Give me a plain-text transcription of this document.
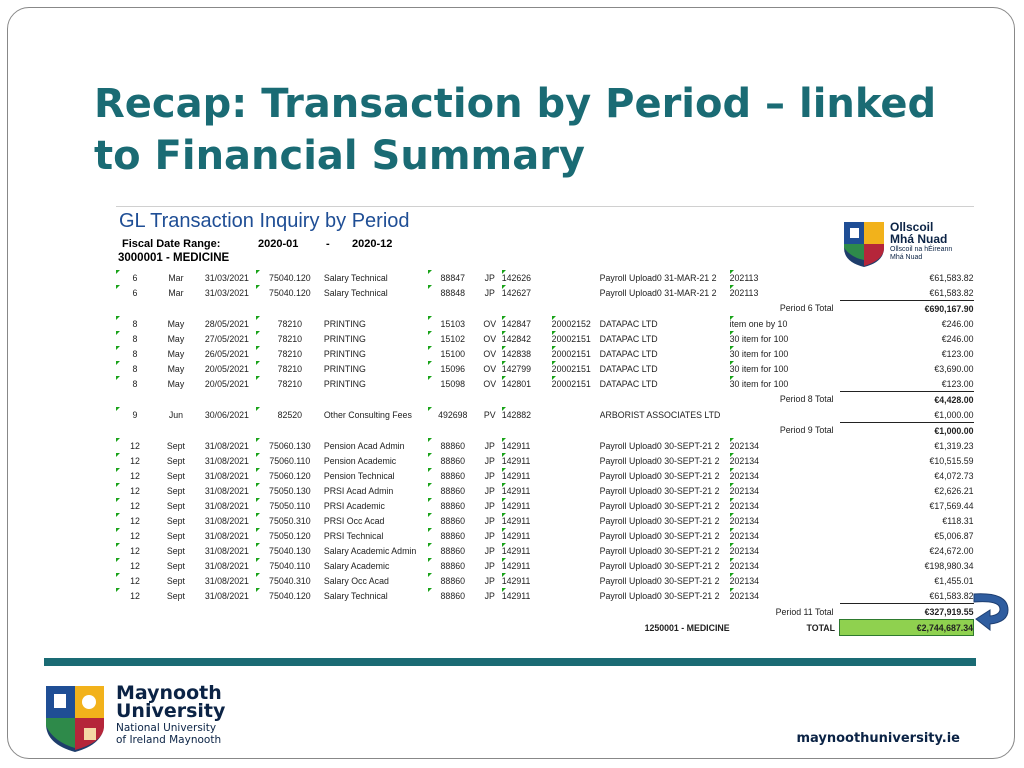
Recap: Transaction by Period – linked to Financial Summary
GL Transaction Inquiry by Period
Fiscal Date Range:	2020-01	- 2020-12
3000001 - MEDICINE
Ollscoil
Mhá Nuad
Ollscoil na hÉireann
Mhá Nuad
6	Mar	31/03/2021	75040.120	Salary Technical	88847	JP	142626		Payroll Upload0 31-MAR-21 2	202113	€61,583.82
6	Mar	31/03/2021	75040.120	Salary Technical	88848	JP	142627		Payroll Upload0 31-MAR-21 2	202113	€61,583.82
									Period 6 Total		€690,167.90
8	May	28/05/2021	78210	PRINTING	15103	OV	142847	20002152	DATAPAC LTD	item one by 10	€246.00
8	May	27/05/2021	78210	PRINTING	15102	OV	142842	20002151	DATAPAC LTD	30 item for 100	€246.00
8	May	26/05/2021	78210	PRINTING	15100	OV	142838	20002151	DATAPAC LTD	30 item for 100	€123.00
8	May	20/05/2021	78210	PRINTING	15096	OV	142799	20002151	DATAPAC LTD	30 item for 100	€3,690.00
8	May	20/05/2021	78210	PRINTING	15098	OV	142801	20002151	DATAPAC LTD	30 item for 100	€123.00
									Period 8 Total		€4,428.00
9	Jun	30/06/2021	82520	Other Consulting Fees	492698	PV	142882		ARBORIST ASSOCIATES LTD		€1,000.00
									Period 9 Total		€1,000.00
12	Sept	31/08/2021	75060.130	Pension Acad Admin	88860	JP	142911		Payroll Upload0 30-SEPT-21 2	202134	€1,319.23
12	Sept	31/08/2021	75060.110	Pension Academic	88860	JP	142911		Payroll Upload0 30-SEPT-21 2	202134	€10,515.59
12	Sept	31/08/2021	75060.120	Pension Technical	88860	JP	142911		Payroll Upload0 30-SEPT-21 2	202134	€4,072.73
12	Sept	31/08/2021	75050.130	PRSI Acad Admin	88860	JP	142911		Payroll Upload0 30-SEPT-21 2	202134	€2,626.21
12	Sept	31/08/2021	75050.110	PRSI Academic	88860	JP	142911		Payroll Upload0 30-SEPT-21 2	202134	€17,569.44
12	Sept	31/08/2021	75050.310	PRSI Occ Acad	88860	JP	142911		Payroll Upload0 30-SEPT-21 2	202134	€118.31
12	Sept	31/08/2021	75050.120	PRSI Technical	88860	JP	142911		Payroll Upload0 30-SEPT-21 2	202134	€5,006.87
12	Sept	31/08/2021	75040.130	Salary Academic Admin	88860	JP	142911		Payroll Upload0 30-SEPT-21 2	202134	€24,672.00
12	Sept	31/08/2021	75040.110	Salary Academic	88860	JP	142911		Payroll Upload0 30-SEPT-21 2	202134	€198,980.34
12	Sept	31/08/2021	75040.310	Salary Occ Acad	88860	JP	142911		Payroll Upload0 30-SEPT-21 2	202134	€1,455.01
12	Sept	31/08/2021	75040.120	Salary Technical	88860	JP	142911		Payroll Upload0 30-SEPT-21 2	202134	€61,583.82
									Period 11 Total		€327,919.55
									1250001 - MEDICINE	TOTAL	€2,744,687.34
Maynooth
University
National University
of Ireland Maynooth	maynoothuniversity.ie
